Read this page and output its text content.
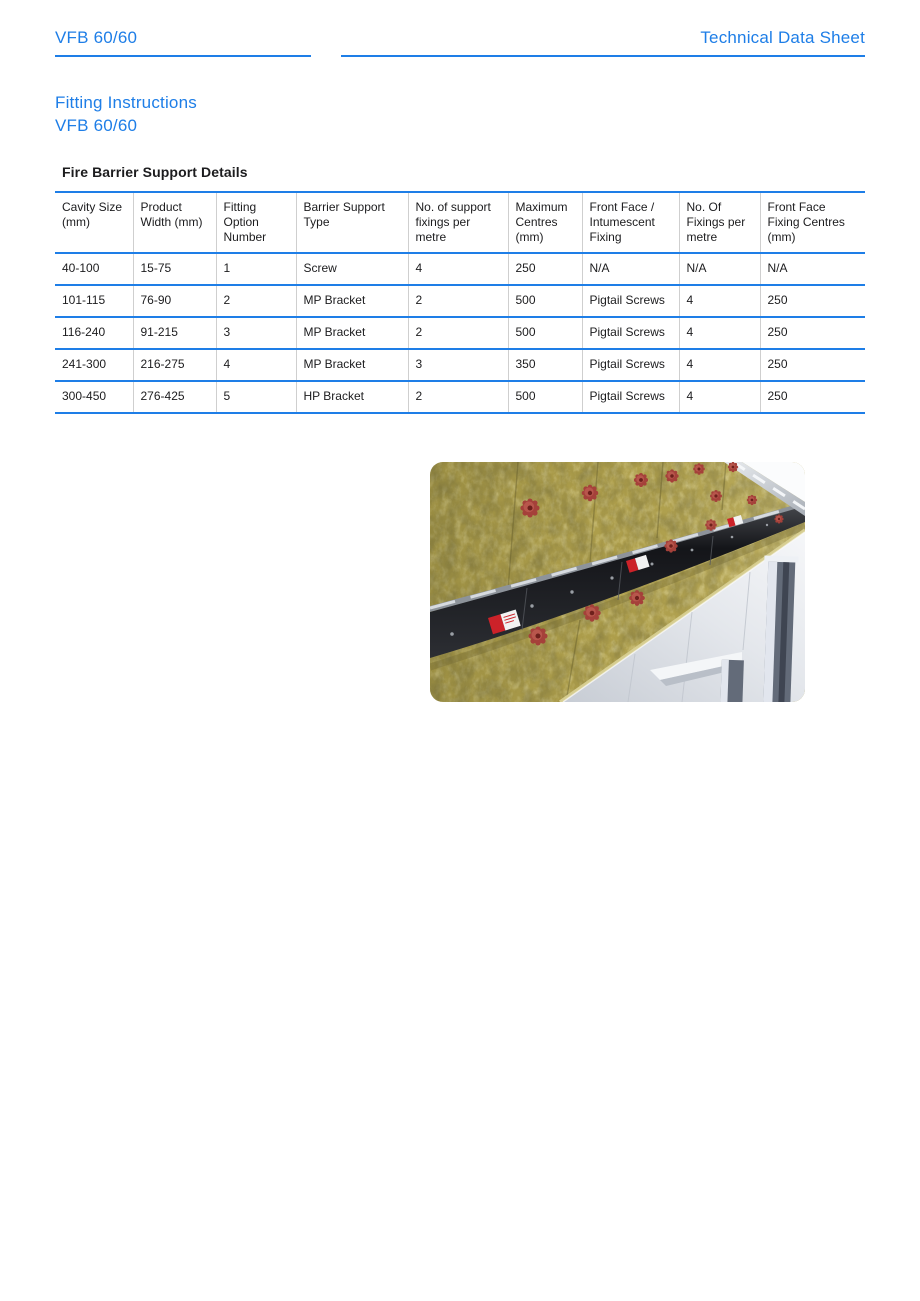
VFB 60/60	Technical Data Sheet
Fitting Instructions
VFB 60/60
Fire Barrier Support Details
Cavity Size (mm)	Product Width (mm)	Fitting Option Number	Barrier Support Type	No. of support fixings per metre	Maximum Centres (mm)	Front Face / Intumescent Fixing	No. Of Fixings per metre	Front Face Fixing Centres (mm)
40-100	15-75	1	Screw	4	250	N/A	N/A	N/A
101-115	76-90	2	MP Bracket	2	500	Pigtail Screws	4	250
116-240	91-215	3	MP Bracket	2	500	Pigtail Screws	4	250
241-300	216-275	4	MP Bracket	3	350	Pigtail Screws	4	250
300-450	276-425	5	HP Bracket	2	500	Pigtail Screws	4	250
